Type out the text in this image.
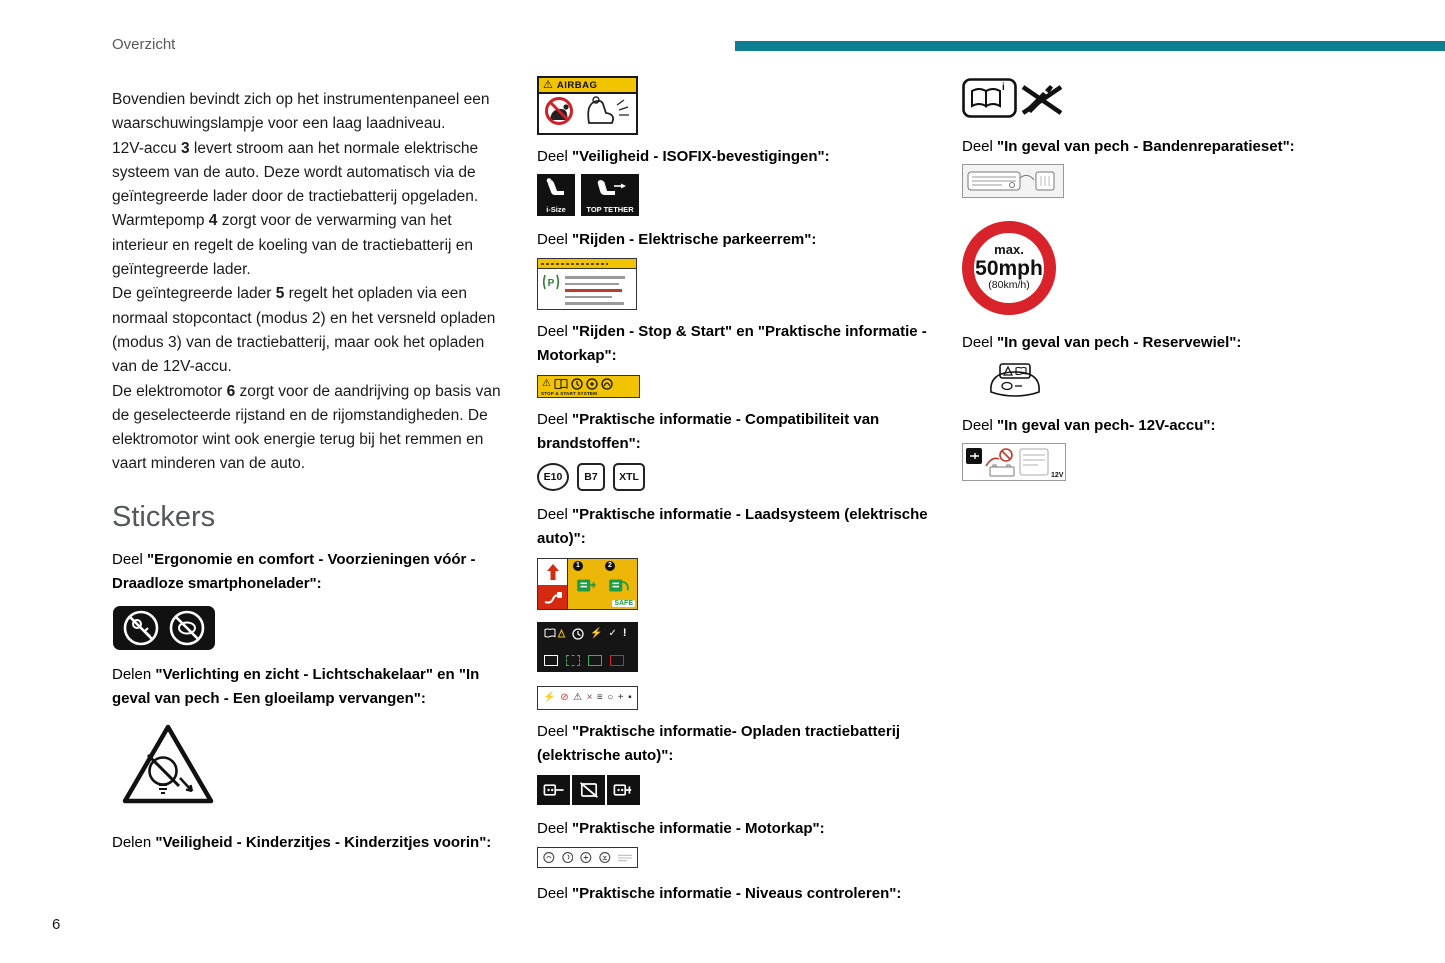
Overzicht

Bovendien bevindt zich op het instrumentenpaneel een waarschuwingslampje voor een laag laadniveau.

12V-accu 3 levert stroom aan het normale elektrische systeem van de auto. Deze wordt automatisch via de geïntegreerde lader door de tractiebatterij opgeladen.

Warmtepomp 4 zorgt voor de verwarming van het interieur en regelt de koeling van de tractiebatterij en geïntegreerde lader.

De geïntegreerde lader 5 regelt het opladen via een normaal stopcontact (modus 2) en het versneld opladen (modus 3) van de tractiebatterij, maar ook het opladen van de 12V-accu.

De elektromotor 6 zorgt voor de aandrijving op basis van de geselecteerde rijstand en de rijomstandigheden. De elektromotor wint ook energie terug bij het remmen en vaart minderen van de auto.

Stickers

Deel "Ergonomie en comfort - Voorzieningen vóór - Draadloze smartphonelader":

Delen "Verlichting en zicht - Lichtschakelaar" en "In geval van pech - Een gloeilamp vervangen":

Delen "Veiligheid - Kinderzitjes - Kinderzitjes voorin":

⚠ AIRBAG

Deel "Veiligheid - ISOFIX-bevestigingen":

i-Size	TOP TETHER

Deel "Rijden - Elektrische parkeerrem":

P

Deel "Rijden - Stop & Start" en "Praktische informatie - Motorkap":

⚠
STOP & START SYSTEM

Deel "Praktische informatie - Compatibiliteit van brandstoffen":

E10	B7	XTL

Deel "Praktische informatie - Laadsysteem (elektrische auto)":

1	2
SAFE
⚡ ✓ !
⚡ ⊘ ⚠ × ≡ ○ + ▪

Deel "Praktische informatie- Opladen tractiebatterij (elektrische auto)":

Deel "Praktische informatie - Motorkap":

Deel "Praktische informatie - Niveaus controleren":

i

Deel "In geval van pech - Bandenreparatieset":

max.
50mph
(80km/h)

Deel "In geval van pech - Reservewiel":

Deel "In geval van pech- 12V-accu":

12V
6
